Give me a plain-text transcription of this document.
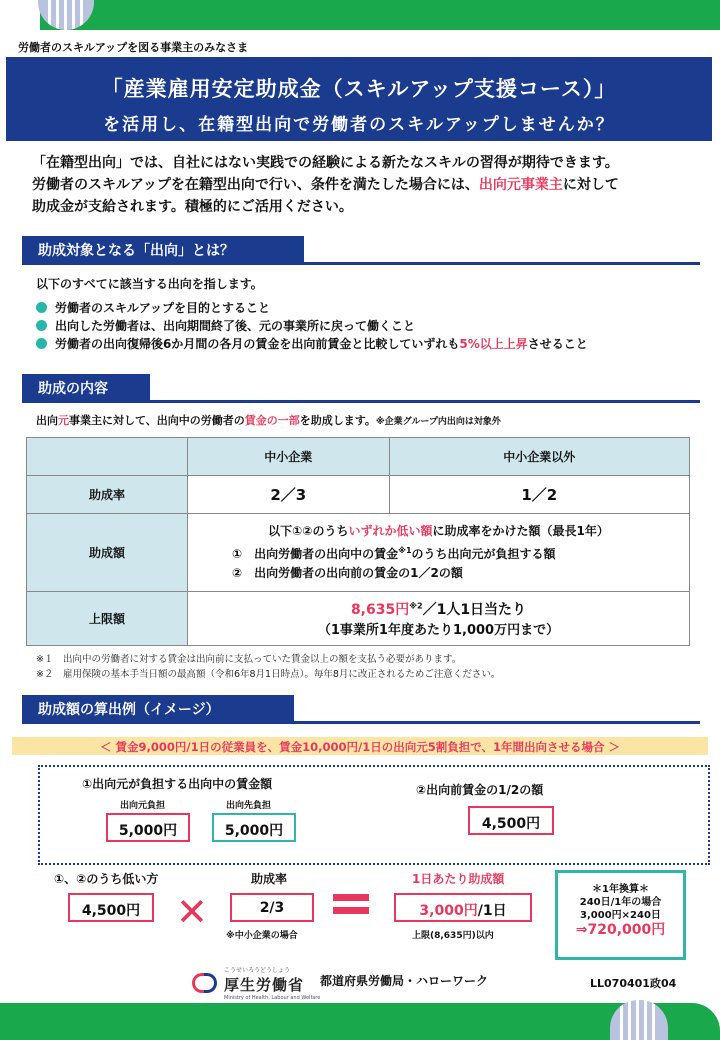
労働者のスキルアップを図る事業主のみなさま
「産業雇用安定助成金（スキルアップ支援コース）」
を活用し、在籍型出向で労働者のスキルアップしませんか？
「在籍型出向」では、自社にはない実践での経験による新たなスキルの習得が期待できます。
労働者のスキルアップを在籍型出向で行い、条件を満たした場合には、出向元事業主に対して
助成金が支給されます。積極的にご活用ください。
助成対象となる「出向」とは？
以下のすべてに該当する出向を指します。
労働者のスキルアップを目的とすること
出向した労働者は、出向期間終了後、元の事業所に戻って働くこと
労働者の出向復帰後6か月間の各月の賃金を出向前賃金と比較していずれも 5%以上上昇 させること
助成の内容
出向元事業主に対して、出向中の労働者の賃金の一部を助成します。※企業グループ内出向は対象外
	中小企業	中小企業以外
助成率	2／3	1／2
助成額	以下①②のうちいずれか低い額に助成率をかけた額（最長1年）
①　出向労働者の出向中の賃金$^{※1}$のうち出向元が負担する額
②　出向労働者の出向前の賃金の1／2の額	

上限額	8,635円$^{※2}$／1人1日当たり
（1事業所1年度あたり1,000万円まで）	
※１　出向中の労働者に対する賃金は出向前に支払っていた賃金以上の額を支払う必要があります。
※２　雇用保険の基本手当日額の最高額（令和6年8月1日時点）。毎年8月に改正されるためご注意ください。
助成額の算出例（イメージ）
＜ 賃金9,000円/1日の従業員を、賃金10,000円/1日の出向元5割負担で、1年間出向させる場合 ＞
①出向元が負担する出向中の賃金額
出向元負担	出向先負担
5,000円	5,000円
②出向前賃金の1/2の額
4,500円
①、②のうち低い方
4,500円 ✕
助成率
2/3
※中小企業の場合
1日あたり助成額
3,000円/1日
上限(8,635円)以内
＊1年換算＊
240日/1年の場合
3,000円×240日
⇒720,000円
こうせいろうどうしょう
厚生労働省
Ministry of Health, Labour and Welfare
都道府県労働局・ハローワーク	LL070401政04
